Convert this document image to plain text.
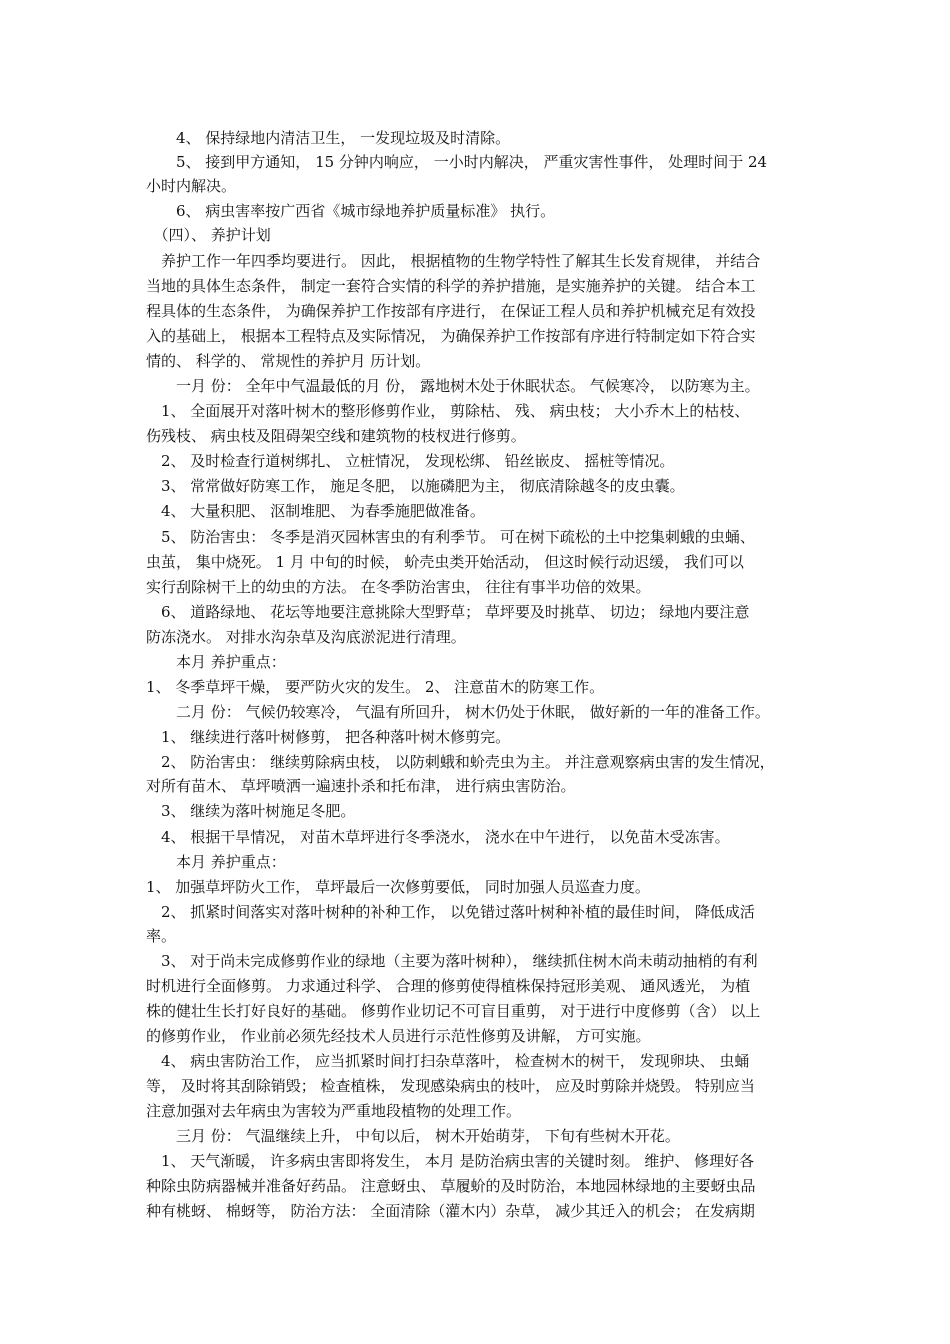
　　4、 保持绿地内清洁卫生， 一发现垃圾及时清除。
　　5、 接到甲方通知， 15 分钟内响应， 一小时内解决， 严重灾害性事件， 处理时间于 24
小时内解决。
　　6、 病虫害率按广西省《城市绿地养护质量标准》 执行。
　（四）、 养护计划
　养护工作一年四季均要进行。 因此， 根据植物的生物学特性了解其生长发育规律， 并结合
当地的具体生态条件， 制定一套符合实情的科学的养护措施，是实施养护的关键。 结合本工
程具体的生态条件， 为确保养护工作按部有序进行， 在保证工程人员和养护机械充足有效投
入的基础上， 根据本工程特点及实际情况， 为确保养护工作按部有序进行特制定如下符合实
情的、 科学的、 常规性的养护月 历计划。
　　一月 份： 全年中气温最低的月 份， 露地树木处于休眠状态。 气候寒冷， 以防寒为主。
　1、 全面展开对落叶树木的整形修剪作业， 剪除枯、 残、 病虫枝； 大小乔木上的枯枝、
伤残枝、 病虫枝及阻碍架空线和建筑物的枝杈进行修剪。
　2、 及时检查行道树绑扎、 立桩情况， 发现松绑、 铅丝嵌皮、 摇桩等情况。
　3、 常常做好防寒工作， 施足冬肥， 以施磷肥为主， 彻底清除越冬的皮虫囊。
　4、 大量积肥、 沤制堆肥、 为春季施肥做准备。
　5、 防治害虫： 冬季是消灭园林害虫的有利季节。 可在树下疏松的土中挖集刺蛾的虫蛹、
虫茧， 集中烧死。 1 月 中旬的时候， 蚧壳虫类开始活动， 但这时候行动迟缓， 我们可以
实行刮除树干上的幼虫的方法。 在冬季防治害虫， 往往有事半功倍的效果。
　6、 道路绿地、 花坛等地要注意挑除大型野草； 草坪要及时挑草、 切边； 绿地内要注意
防冻浇水。 对排水沟杂草及沟底淤泥进行清理。
　　本月 养护重点：
1、 冬季草坪干燥， 要严防火灾的发生。 2、 注意苗木的防寒工作。
　　二月 份： 气候仍较寒冷， 气温有所回升， 树木仍处于休眠， 做好新的一年的准备工作。
　1、 继续进行落叶树修剪， 把各种落叶树木修剪完。
　2、 防治害虫： 继续剪除病虫枝， 以防刺蛾和蚧壳虫为主。 并注意观察病虫害的发生情况，
对所有苗木、 草坪喷洒一遍速扑杀和托布津， 进行病虫害防治。
　3、 继续为落叶树施足冬肥。
　4、 根据干旱情况， 对苗木草坪进行冬季浇水， 浇水在中午进行， 以免苗木受冻害。
　　本月 养护重点：
1、 加强草坪防火工作， 草坪最后一次修剪要低， 同时加强人员巡查力度。
　2、 抓紧时间落实对落叶树种的补种工作， 以免错过落叶树种补植的最佳时间， 降低成活
率。
　3、 对于尚未完成修剪作业的绿地（主要为落叶树种）， 继续抓住树木尚未萌动抽梢的有利
时机进行全面修剪。 力求通过科学、 合理的修剪使得植株保持冠形美观、 通风透光， 为植
株的健壮生长打好良好的基础。 修剪作业切记不可盲目重剪， 对于进行中度修剪（含） 以上
的修剪作业， 作业前必须先经技术人员进行示范性修剪及讲解， 方可实施。
　4、 病虫害防治工作， 应当抓紧时间打扫杂草落叶， 检查树木的树干， 发现卵块、 虫蛹
等， 及时将其刮除销毁； 检查植株， 发现感染病虫的枝叶， 应及时剪除并烧毁。 特别应当
注意加强对去年病虫为害较为严重地段植物的处理工作。
　　三月 份： 气温继续上升， 中旬以后， 树木开始萌芽， 下旬有些树木开花。
　1、 天气渐暖， 许多病虫害即将发生， 本月 是防治病虫害的关键时刻。 维护、 修理好各
种除虫防病器械并准备好药品。 注意蚜虫、 草履蚧的及时防治，本地园林绿地的主要蚜虫品
种有桃蚜、 棉蚜等， 防治方法： 全面清除（灌木内）杂草， 减少其迁入的机会； 在发病期
